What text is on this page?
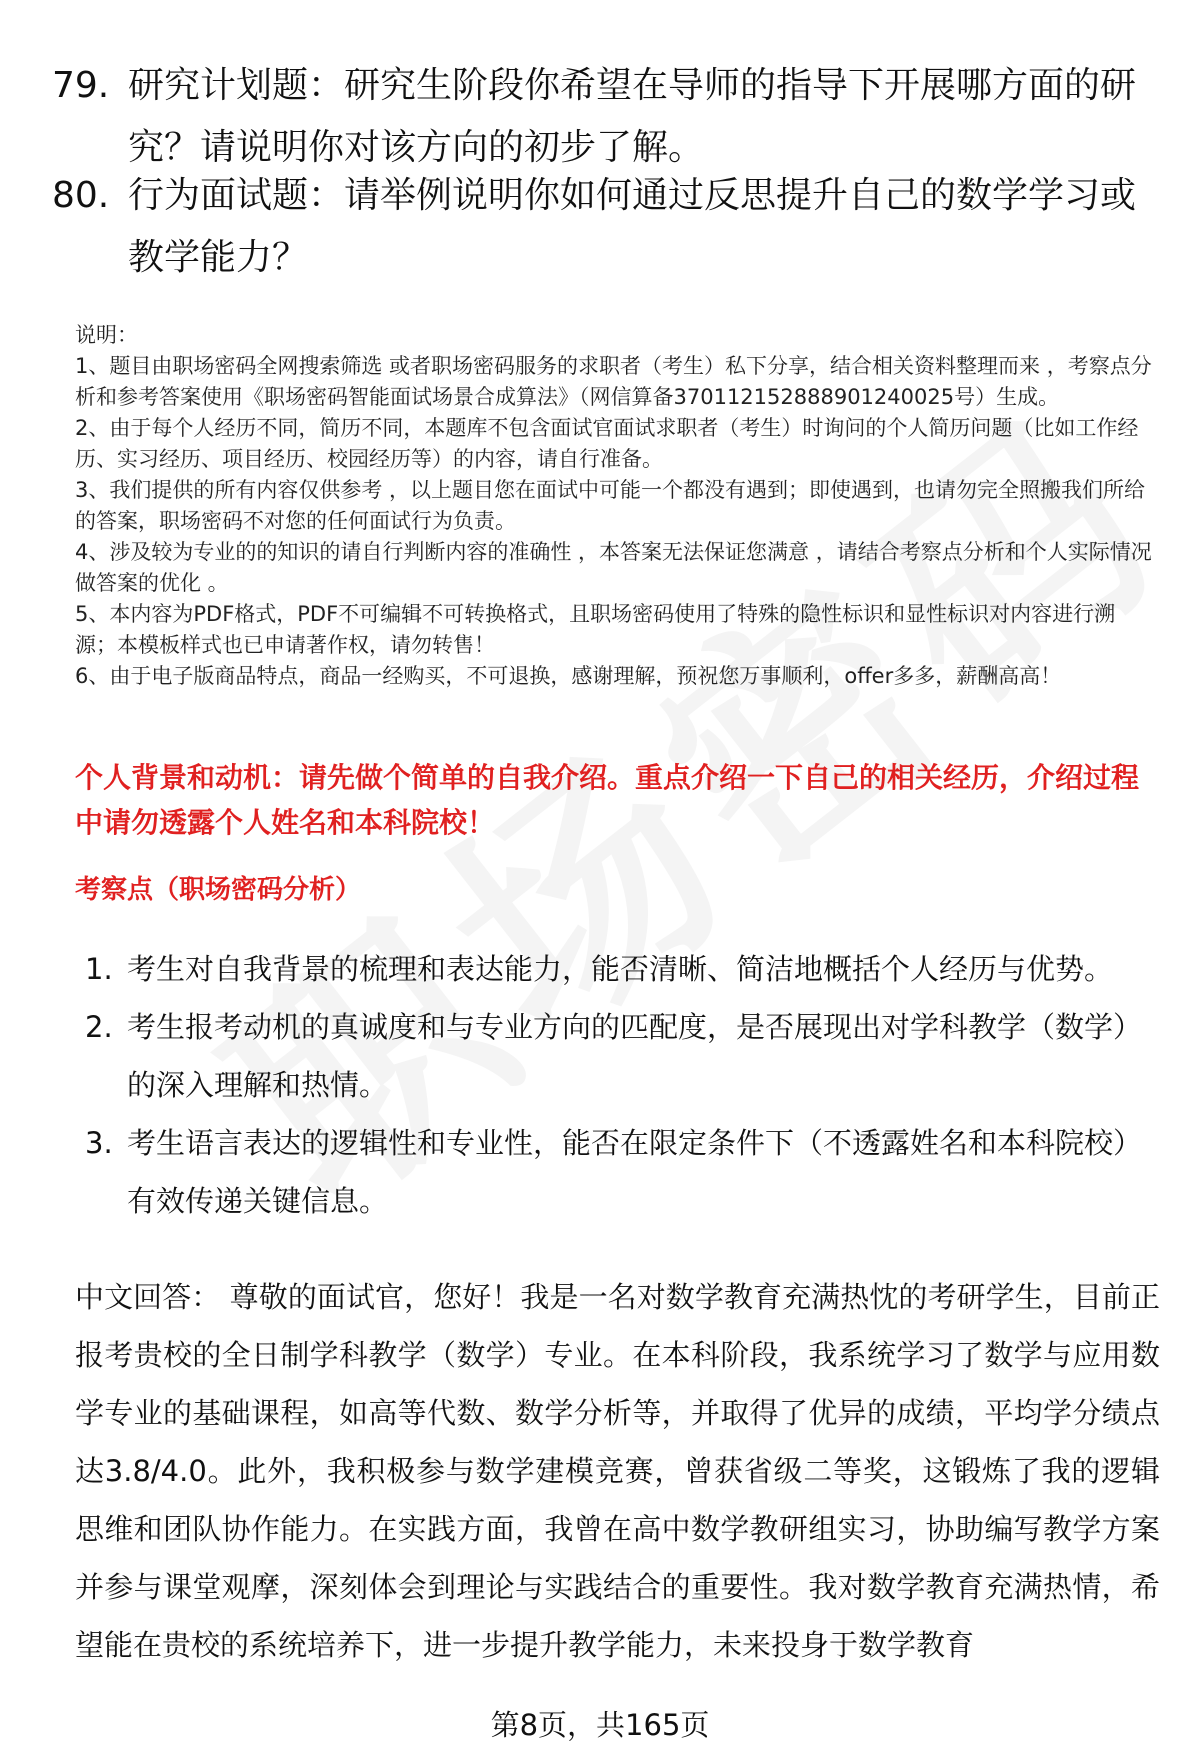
79. 研究计划题：研究生阶段你希望在导师的指导下开展哪方面的研究？请说明你对该方向的初步了解。
80. 行为面试题：请举例说明你如何通过反思提升自己的数学学习或教学能力？

说明：

1、题目由职场密码全网搜索筛选 或者职场密码服务的求职者（考生）私下分享，结合相关资料整理而来 ，考察点分析和参考答案使用《职场密码智能面试场景合成算法》（网信算备370112152888901240025号）生成。

2、由于每个人经历不同，简历不同，本题库不包含面试官面试求职者（考生）时询问的个人简历问题（比如工作经历、实习经历、项目经历、校园经历等）的内容，请自行准备。

3、我们提供的所有内容仅供参考 ，以上题目您在面试中可能一个都没有遇到；即使遇到，也请勿完全照搬我们所给的答案，职场密码不对您的任何面试行为负责。

4、涉及较为专业的的知识的请自行判断内容的准确性 ，本答案无法保证您满意 ，请结合考察点分析和个人实际情况做答案的优化 。

5、本内容为PDF格式，PDF不可编辑不可转换格式，且职场密码使用了特殊的隐性标识和显性标识对内容进行溯源；本模板样式也已申请著作权，请勿转售！

6、由于电子版商品特点，商品一经购买，不可退换，感谢理解，预祝您万事顺利，offer多多，薪酬高高！

个人背景和动机：请先做个简单的自我介绍。重点介绍一下自己的相关经历，介绍过程中请勿透露个人姓名和本科院校！
考察点（职场密码分析）
1. 考生对自我背景的梳理和表达能力，能否清晰、简洁地概括个人经历与优势。
2. 考生报考动机的真诚度和与专业方向的匹配度，是否展现出对学科教学（数学）的深入理解和热情。
3. 考生语言表达的逻辑性和专业性，能否在限定条件下（不透露姓名和本科院校）有效传递关键信息。
中文回答： 尊敬的面试官，您好！我是一名对数学教育充满热忱的考研学生，目前正报考贵校的全日制学科教学（数学）专业。在本科阶段，我系统学习了数学与应用数学专业的基础课程，如高等代数、数学分析等，并取得了优异的成绩，平均学分绩点达3.8/4.0。此外，我积极参与数学建模竞赛，曾获省级二等奖，这锻炼了我的逻辑思维和团队协作能力。在实践方面，我曾在高中数学教研组实习，协助编写教学方案并参与课堂观摩，深刻体会到理论与实践结合的重要性。我对数学教育充满热情，希望能在贵校的系统培养下，进一步提升教学能力，未来投身于数学教育
第8页，共165页
